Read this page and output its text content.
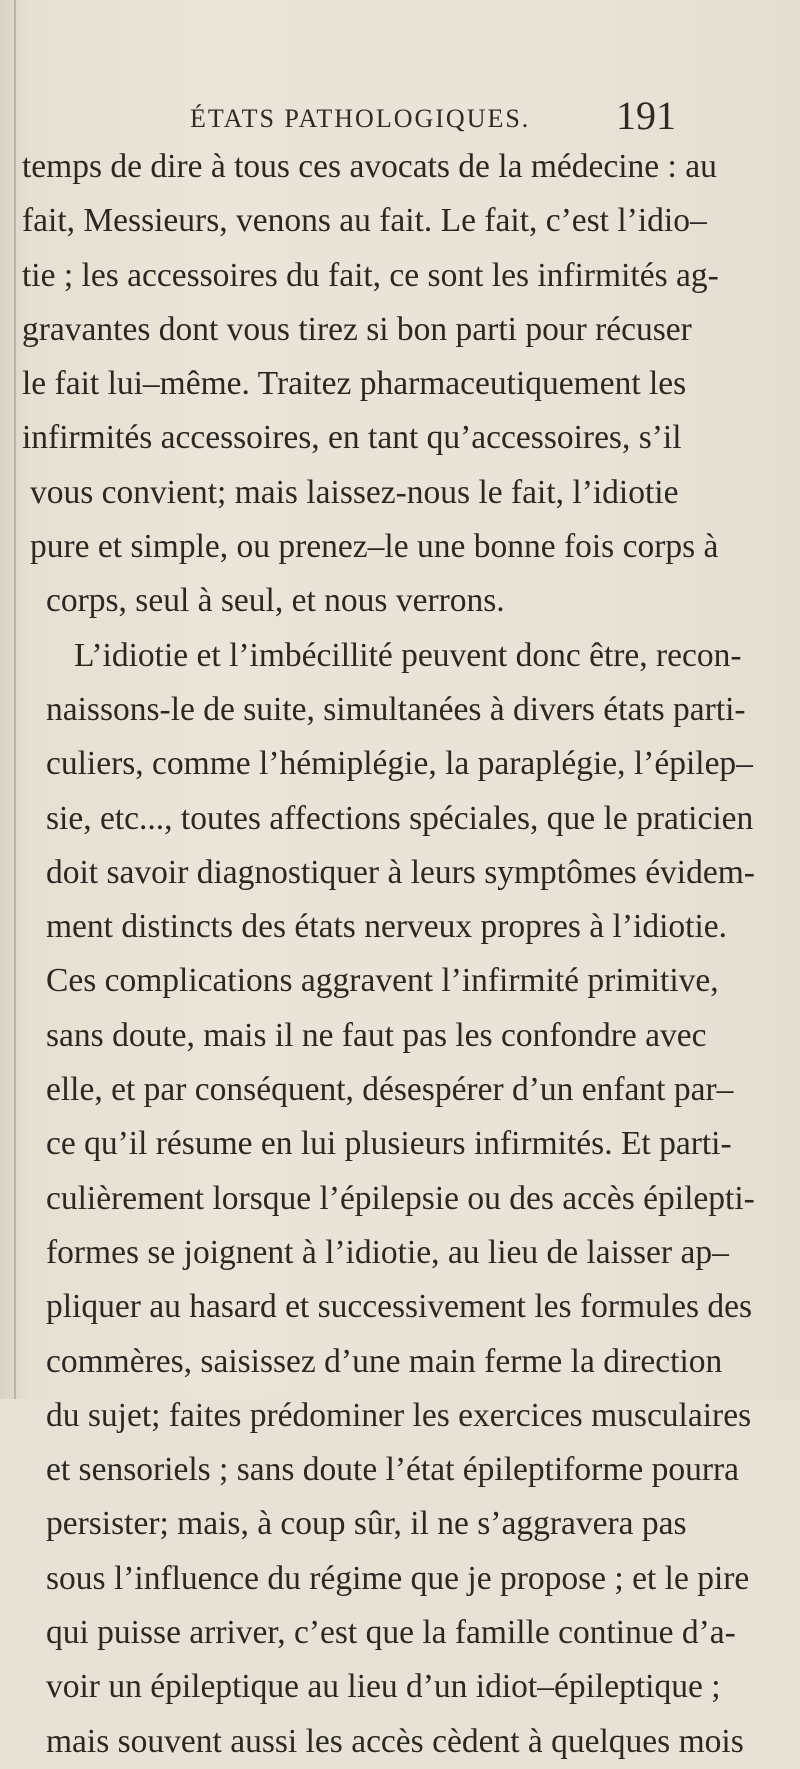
ÉTATS PATHOLOGIQUES. 191
temps de dire à tous ces avocats de la médecine : au
fait, Messieurs, venons au fait. Le fait, c’est l’idio–
tie ; les accessoires du fait, ce sont les infirmités ag-
gravantes dont vous tirez si bon parti pour récuser
le fait lui–même. Traitez pharmaceutiquement les
infirmités accessoires, en tant qu’accessoires, s’il
vous convient; mais laissez-nous le fait, l’idiotie
pure et simple, ou prenez–le une bonne fois corps à
corps, seul à seul, et nous verrons.
L’idiotie et l’imbécillité peuvent donc être, recon-
naissons-le de suite, simultanées à divers états parti-
culiers, comme l’hémiplégie, la paraplégie, l’épilep–
sie, etc..., toutes affections spéciales, que le praticien
doit savoir diagnostiquer à leurs symptômes évidem-
ment distincts des états nerveux propres à l’idiotie.
Ces complications aggravent l’infirmité primitive,
sans doute, mais il ne faut pas les confondre avec
elle, et par conséquent, désespérer d’un enfant par–
ce qu’il résume en lui plusieurs infirmités. Et parti-
culièrement lorsque l’épilepsie ou des accès épilepti-
formes se joignent à l’idiotie, au lieu de laisser ap–
pliquer au hasard et successivement les formules des
commères, saisissez d’une main ferme la direction
du sujet; faites prédominer les exercices musculaires
et sensoriels ; sans doute l’état épileptiforme pourra
persister; mais, à coup sûr, il ne s’aggravera pas
sous l’influence du régime que je propose ; et le pire
qui puisse arriver, c’est que la famille continue d’a-
voir un épileptique au lieu d’un idiot–épileptique ;
mais souvent aussi les accès cèdent à quelques mois
